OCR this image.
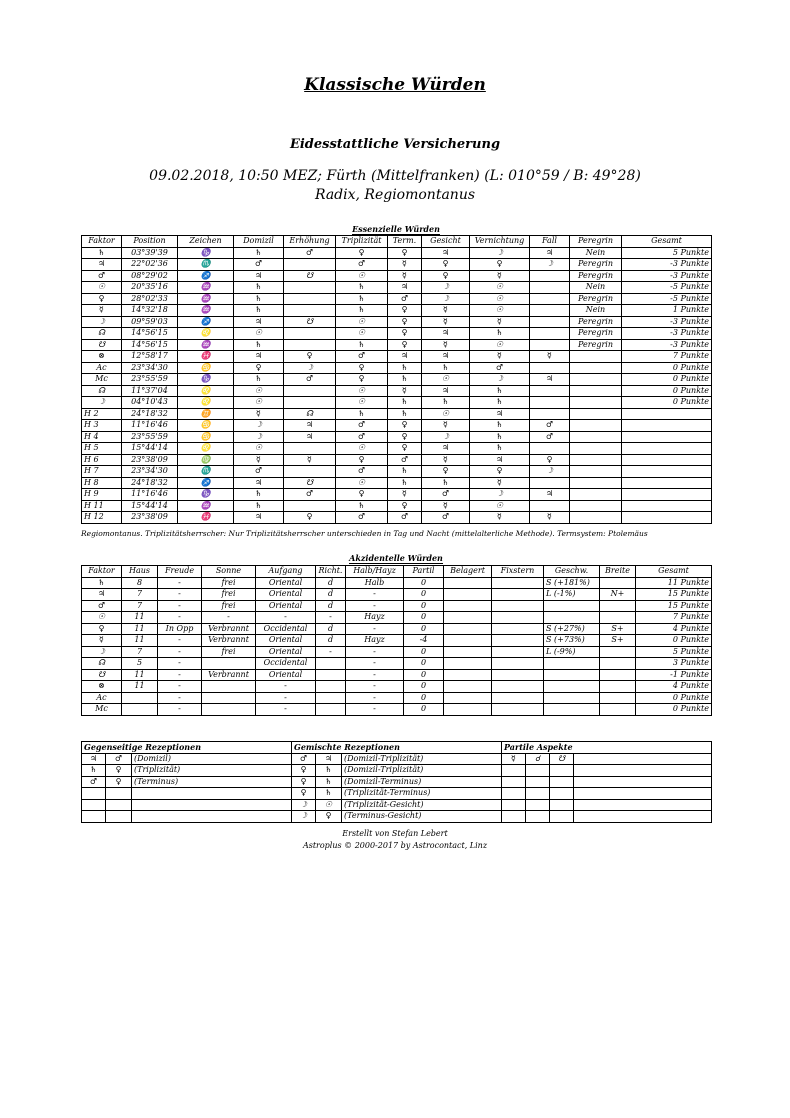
Klassische Würden
Eidesstattliche Versicherung
09.02.2018, 10:50 MEZ; Fürth (Mittelfranken) (L: 010°59 / B: 49°28)
Radix, Regiomontanus
Essenzielle Würden
Faktor	Position	Zeichen	Domizil	Erhöhung	Triplizität	Term.	Gesicht	Vernichtung	Fall	Peregrin	Gesamt
♄	03°39'39	♑	♄	♂	♀	♀	♃	☽	♃	Nein	5 Punkte
♃	22°02'36	♏	♂		♂	☿	♀	♀	☽	Peregrin	-3 Punkte
♂	08°29'02	♐	♃	☋	☉	☿	♀	☿		Peregrin	-3 Punkte
☉	20°35'16	♒	♄		♄	♃	☽	☉		Nein	-5 Punkte
♀	28°02'33	♒	♄		♄	♂	☽	☉		Peregrin	-5 Punkte
☿	14°32'18	♒	♄		♄	♀	☿	☉		Nein	1 Punkte
☽	09°59'03	♐	♃	☋	☉	♀	☿	☿		Peregrin	-3 Punkte
☊	14°56'15	♌	☉		☉	♀	♃	♄		Peregrin	-3 Punkte
☋	14°56'15	♒	♄		♄	♀	☿	☉		Peregrin	-3 Punkte
⊗	12°58'17	♓	♃	♀	♂	♃	♃	☿	☿		7 Punkte
Ac	23°34'30	♋	♀	☽	♀	♄	♄	♂			0 Punkte
Mc	23°55'59	♑	♄	♂	♀	♄	☉	☽	♃		0 Punkte
☊	11°37'04	♌	☉		☉	☿	♃	♄			0 Punkte
☽	04°10'43	♌	☉		☉	♄	♄	♄			0 Punkte
H 2	24°18'32	♊	☿	☊	♄	♄	☉	♃			
H 3	11°16'46	♋	☽	♃	♂	♀	☿	♄	♂		
H 4	23°55'59	♋	☽	♃	♂	♀	☽	♄	♂		
H 5	15°44'14	♌	☉		☉	♀	♃	♄			
H 6	23°38'09	♍	☿	☿	♀	♂	☿	♃	♀		
H 7	23°34'30	♏	♂		♂	♄	♀	♀	☽		
H 8	24°18'32	♐	♃	☋	☉	♄	♄	☿			
H 9	11°16'46	♑	♄	♂	♀	☿	♂	☽	♃		
H 11	15°44'14	♒	♄		♄	♀	☿	☉			
H 12	23°38'09	♓	♃	♀	♂	♂	♂	☿	☿		
Regiomontanus. Triplizitätsherrscher: Nur Triplizitätsherrscher unterschieden in Tag und Nacht (mittelalterliche Methode). Termsystem: Ptolemäus
Akzidentelle Würden
Faktor	Haus	Freude	Sonne	Aufgang	Richt.	Halb/Hayz	Partil	Belagert	Fixstern	Geschw.	Breite	Gesamt
♄	8	-	frei	Oriental	d	Halb	0			S (+181%)		11 Punkte
♃	7	-	frei	Oriental	d	-	0			L (-1%)	N+	15 Punkte
♂	7	-	frei	Oriental	d	-	0					15 Punkte
☉	11	-	-	-	-	Hayz	0					7 Punkte
♀	11	In Opp	Verbrannt	Occidental	d	-	0			S (+27%)	S+	4 Punkte
☿	11	-	Verbrannt	Oriental	d	Hayz	-4			S (+73%)	S+	0 Punkte
☽	7	-	frei	Oriental	-	-	0			L (-9%)		5 Punkte
☊	5	-		Occidental		-	0					3 Punkte
☋	11	-	Verbrannt	Oriental		-	0					-1 Punkte
⊗	11	-		-		-	0					4 Punkte
Ac		-		-		-	0					0 Punkte
Mc		-		-		-	0					0 Punkte
Gegenseitige Rezeptionen			Gemischte Rezeptionen			Partile Aspekte			
♃	♂	(Domizil)	♂	♃	(Domizil-Triplizität)	☿	☌	☋	
♄	♀	(Triplizität)	♀	♄	(Domizil-Triplizität)				
♂	♀	(Terminus)	♀	♄	(Domizil-Terminus)				
			♀	♄	(Triplizität-Terminus)				
			☽	☉	(Triplizität-Gesicht)				
			☽	♀	(Terminus-Gesicht)				
Erstellt von Stefan Lebert
Astroplus © 2000-2017 by Astrocontact, Linz
